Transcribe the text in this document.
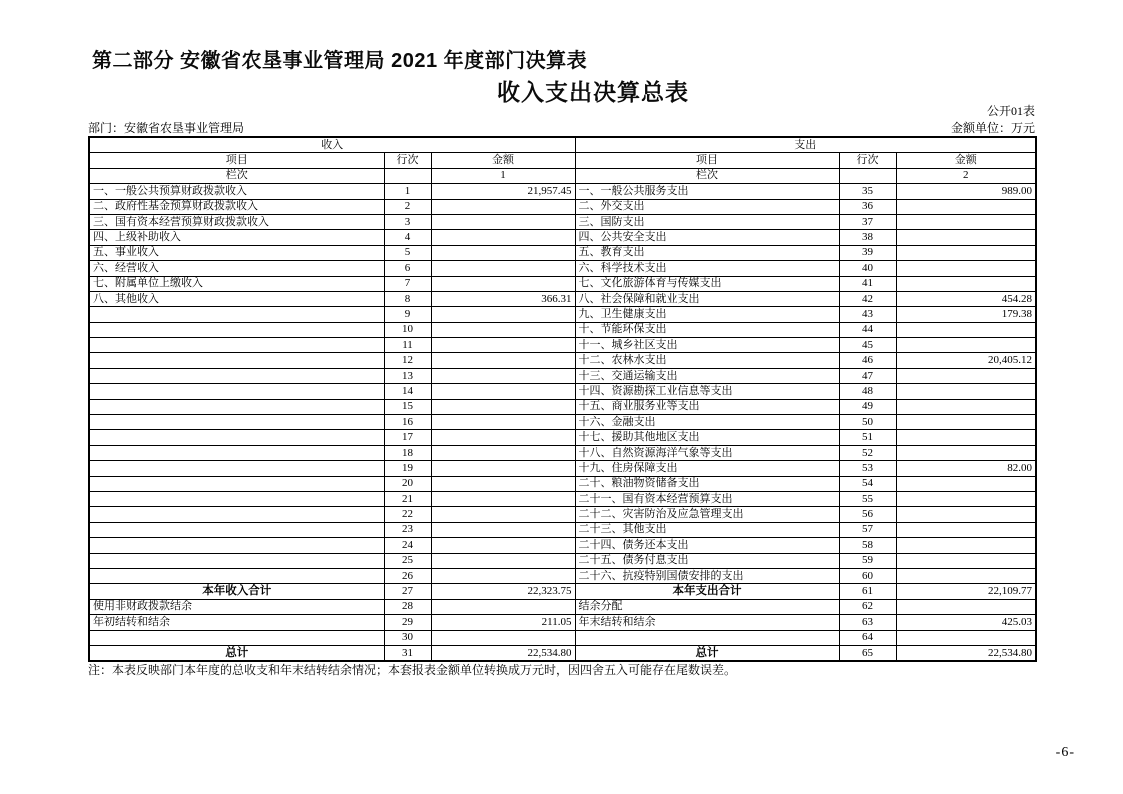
第二部分 安徽省农垦事业管理局 2021 年度部门决算表
收入支出决算总表
公开01表
部门：安徽省农垦事业管理局	金额单位：万元
收入			支出		
项目	行次	金额	项目	行次	金额
栏次		1	栏次		2
一、一般公共预算财政拨款收入	1	21,957.45	一、一般公共服务支出	35	989.00
二、政府性基金预算财政拨款收入	2		二、外交支出	36	
三、国有资本经营预算财政拨款收入	3		三、国防支出	37	
四、上级补助收入	4		四、公共安全支出	38	
五、事业收入	5		五、教育支出	39	
六、经营收入	6		六、科学技术支出	40	
七、附属单位上缴收入	7		七、文化旅游体育与传媒支出	41	
八、其他收入	8	366.31	八、社会保障和就业支出	42	454.28
	9		九、卫生健康支出	43	179.38
	10		十、节能环保支出	44	
	11		十一、城乡社区支出	45	
	12		十二、农林水支出	46	20,405.12
	13		十三、交通运输支出	47	
	14		十四、资源勘探工业信息等支出	48	
	15		十五、商业服务业等支出	49	
	16		十六、金融支出	50	
	17		十七、援助其他地区支出	51	
	18		十八、自然资源海洋气象等支出	52	
	19		十九、住房保障支出	53	82.00
	20		二十、粮油物资储备支出	54	
	21		二十一、国有资本经营预算支出	55	
	22		二十二、灾害防治及应急管理支出	56	
	23		二十三、其他支出	57	
	24		二十四、债务还本支出	58	
	25		二十五、债务付息支出	59	
	26		二十六、抗疫特别国债安排的支出	60	
本年收入合计	27	22,323.75	本年支出合计	61	22,109.77
使用非财政拨款结余	28		结余分配	62	
年初结转和结余	29	211.05	年末结转和结余	63	425.03
	30			64	
总计	31	22,534.80	总计	65	22,534.80
注：本表反映部门本年度的总收支和年末结转结余情况；本套报表金额单位转换成万元时，因四舍五入可能存在尾数误差。
-6-
